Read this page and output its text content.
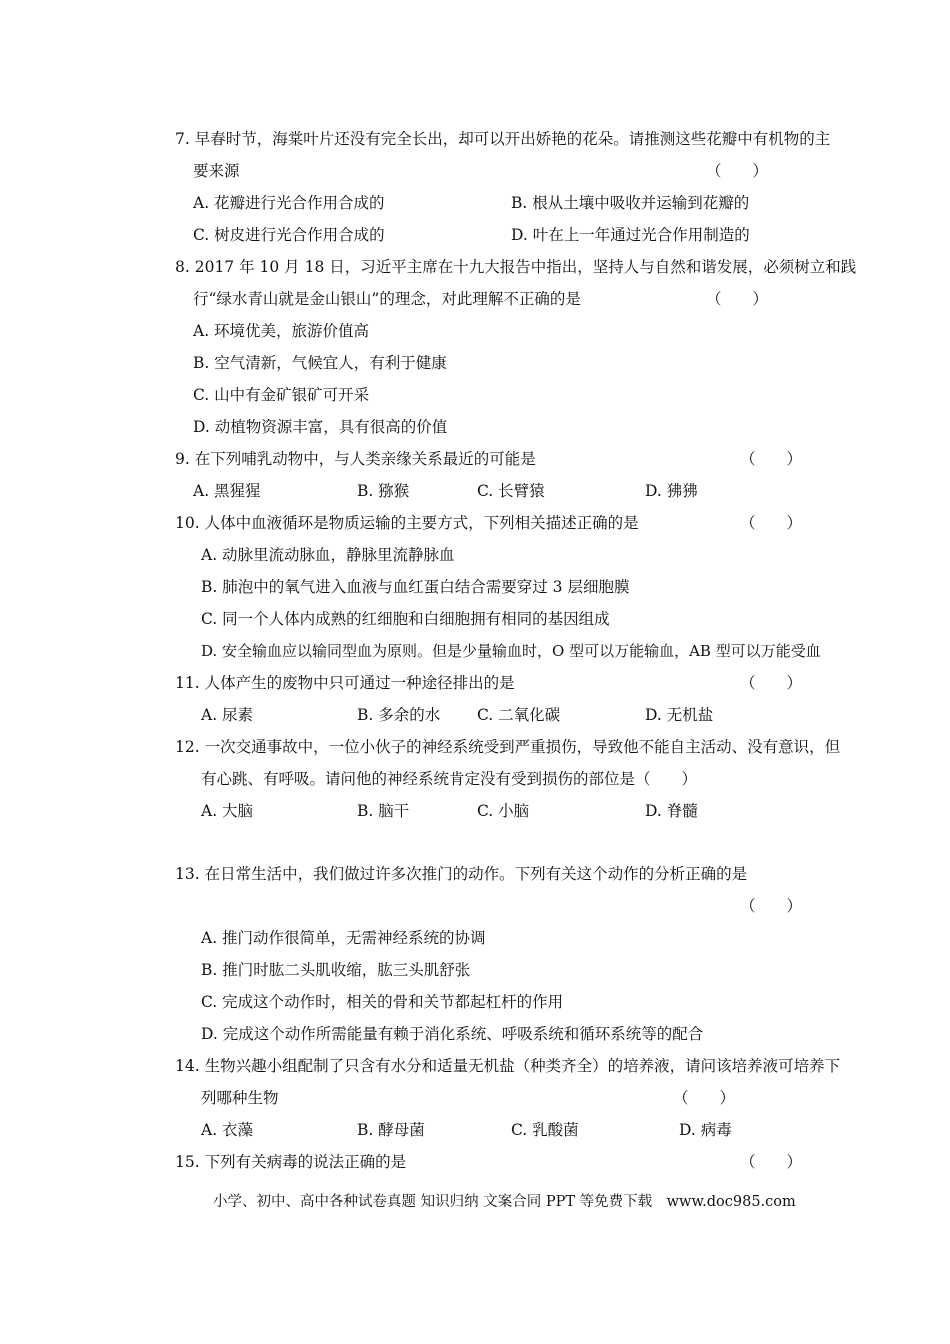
7. 早春时节，海棠叶片还没有完全长出，却可以开出娇艳的花朵。请推测这些花瓣中有机物的主
要来源	（　　）
A. 花瓣进行光合作用合成的	B. 根从土壤中吸收并运输到花瓣的
C. 树皮进行光合作用合成的	D. 叶在上一年通过光合作用制造的
8. 2017 年 10 月 18 日，习近平主席在十九大报告中指出，坚持人与自然和谐发展，必须树立和践
行“绿水青山就是金山银山”的理念，对此理解不正确的是	（　　）
A. 环境优美，旅游价值高
B. 空气清新，气候宜人，有利于健康
C. 山中有金矿银矿可开采
D. 动植物资源丰富，具有很高的价值
9. 在下列哺乳动物中，与人类亲缘关系最近的可能是	（　　）
A. 黑猩猩	B. 猕猴	C. 长臂猿	D. 狒狒
10. 人体中血液循环是物质运输的主要方式，下列相关描述正确的是	（　　）
A. 动脉里流动脉血，静脉里流静脉血
B. 肺泡中的氧气进入血液与血红蛋白结合需要穿过 3 层细胞膜
C. 同一个人体内成熟的红细胞和白细胞拥有相同的基因组成
D. 安全输血应以输同型血为原则。但是少量输血时，O 型可以万能输血，AB 型可以万能受血
11. 人体产生的废物中只可通过一种途径排出的是	（　　）
A. 尿素	B. 多余的水 C. 二氧化碳	D. 无机盐
12. 一次交通事故中，一位小伙子的神经系统受到严重损伤，导致他不能自主活动、没有意识，但
有心跳、有呼吸。请问他的神经系统肯定没有受到损伤的部位是（　　）
A. 大脑	B. 脑干	C. 小脑	D. 脊髓
13. 在日常生活中，我们做过许多次推门的动作。下列有关这个动作的分析正确的是
（　　）
A. 推门动作很简单，无需神经系统的协调
B. 推门时肱二头肌收缩，肱三头肌舒张
C. 完成这个动作时，相关的骨和关节都起杠杆的作用
D. 完成这个动作所需能量有赖于消化系统、呼吸系统和循环系统等的配合
14. 生物兴趣小组配制了只含有水分和适量无机盐（种类齐全）的培养液，请问该培养液可培养下
列哪种生物	（　　）
A. 衣藻	B. 酵母菌	C. 乳酸菌	D. 病毒
15. 下列有关病毒的说法正确的是	（　　）
小学、初中、高中各种试卷真题 知识归纳 文案合同 PPT 等免费下载　www.doc985.com
